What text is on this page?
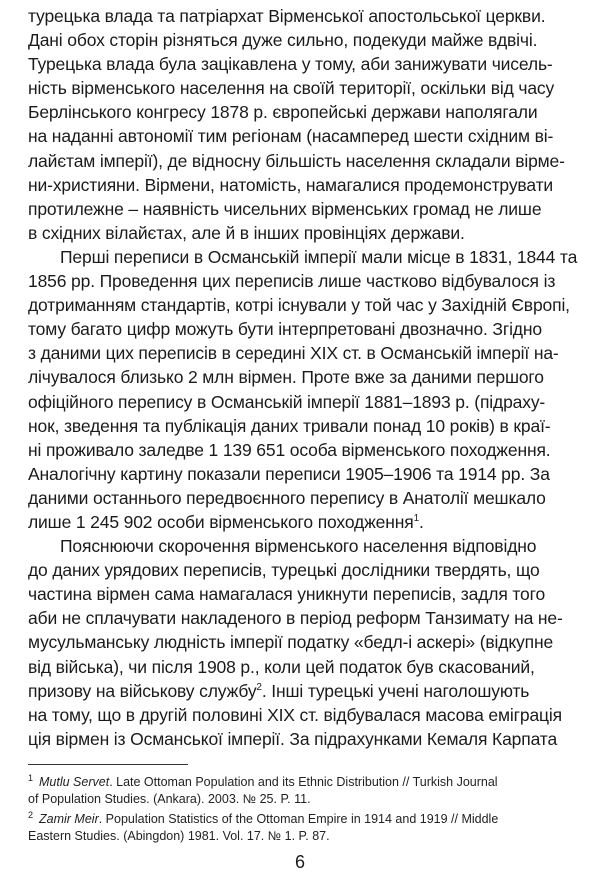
турецька влада та патріархат Вірменської апостольської церкви.
Дані обох сторін різняться дуже сильно, подекуди майже вдвічі.
Турецька влада була зацікавлена у тому, аби занижувати чисель-
ність вірменського населення на своїй території, оскільки від часу
Берлінського конгресу 1878 р. європейські держави наполягали
на наданні автономії тим регіонам (насамперед шести східним ві-
лайєтам імперії), де відносну більшість населення складали вірме-
ни-християни. Вірмени, натомість, намагалися продемонструвати
протилежне – наявність чисельних вірменських громад не лише
в східних вілайєтах, але й в інших провінціях держави.
Перші переписи в Османській імперії мали місце в 1831, 1844 та
1856 рр. Проведення цих переписів лише частково відбувалося із
дотриманням стандартів, котрі існували у той час у Західній Європі,
тому багато цифр можуть бути інтерпретовані двозначно. Згідно
з даними цих переписів в середині ХІХ ст. в Османській імперії на-
лічувалося близько 2 млн вірмен. Проте вже за даними першого
офіційного перепису в Османській імперії 1881–1893 р. (підраху-
нок, зведення та публікація даних тривали понад 10 років) в краї-
ні проживало заледве 1 139 651 особа вірменського походження.
Аналогічну картину показали переписи 1905–1906 та 1914 рр. За
даними останнього передвоєнного перепису в Анатолії мешкало
лише 1 245 902 особи вірменського походження$^1$.
Пояснюючи скорочення вірменського населення відповідно
до даних урядових переписів, турецькі дослідники твердять, що
частина вірмен сама намагалася уникнути переписів, задля того
аби не сплачувати накладеного в період реформ Танзимату на не-
мусульманську людність імперії податку «бедл-і аскері» (відкупне
від війська), чи після 1908 р., коли цей податок був скасований,
призову на військову службу$^2$. Інші турецькі учені наголошують
на тому, що в другій половині ХІХ ст. відбувалася масова еміграція
ція вірмен із Османської імперії. За підрахунками Кемаля Карпата
$^1$ Mutlu Servet. Late Ottoman Population and its Ethnic Distribution // Turkish Journal
of Population Studies. (Ankara). 2003. № 25. P. 11.
$^2$ Zamir Meir. Population Statistics of the Ottoman Empire in 1914 and 1919 // Middle
Eastern Studies. (Abingdon) 1981. Vol. 17. № 1. P. 87.
6
